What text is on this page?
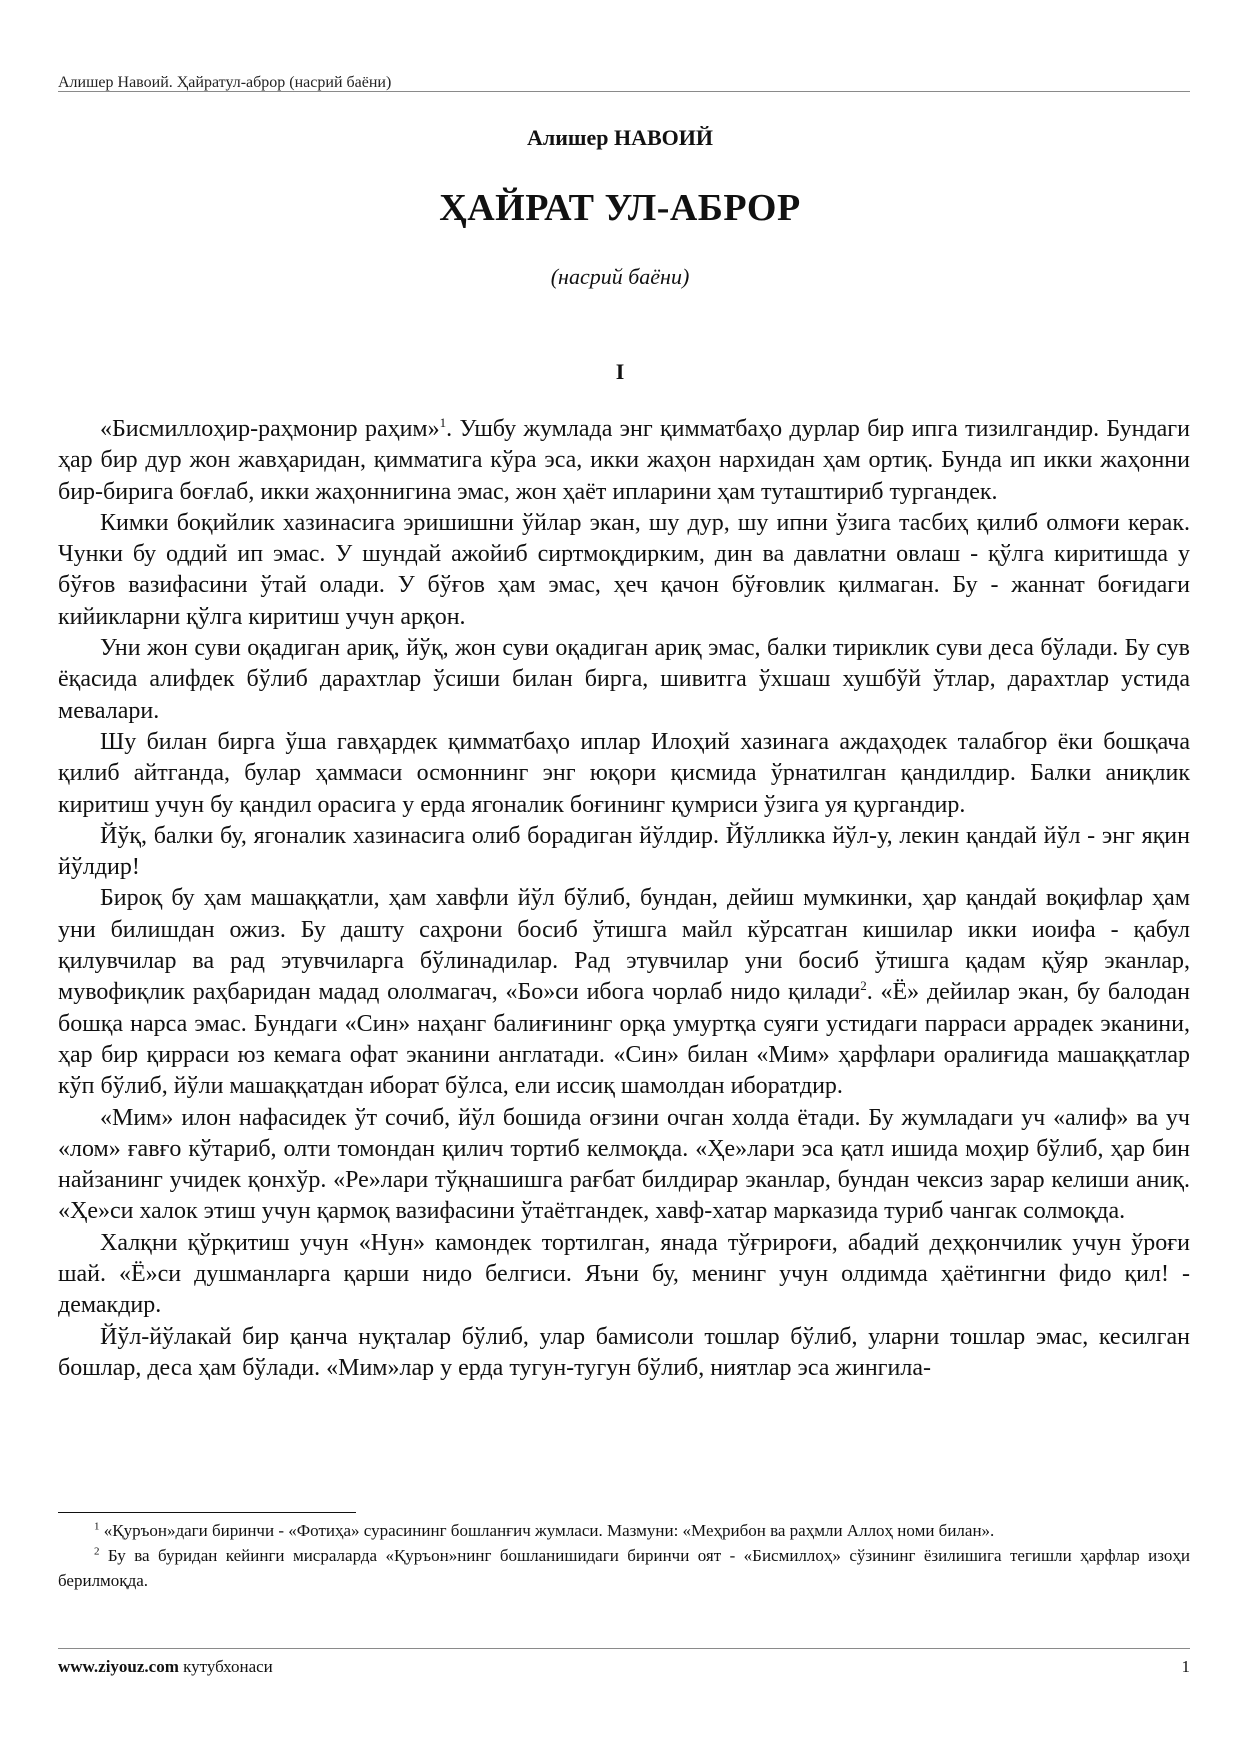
Алишер Навоий. Ҳайратул-аброр (насрий баёни)
Алишер НАВОИЙ
ҲАЙРАТ УЛ-АБРОР
(насрий баёни)
I

«Бисмиллоҳир-раҳмонир раҳим»$^1$. Ушбу жумлада энг қимматбаҳо дурлар бир ипга тизилгандир. Бундаги ҳар бир дур жон жавҳаридан, қимматига кўра эса, икки жаҳон нархидан ҳам ортиқ. Бунда ип икки жаҳонни бир-бирига боғлаб, икки жаҳоннигина эмас, жон ҳаёт ипларини ҳам туташтириб тургандек.

Кимки боқийлик хазинасига эришишни ўйлар экан, шу дур, шу ипни ўзига тасбиҳ қилиб олмоғи керак. Чунки бу оддий ип эмас. У шундай ажойиб сиртмоқдирким, дин ва давлатни овлаш - қўлга киритишда у бўғов вазифасини ўтай олади. У бўғов ҳам эмас, ҳеч қачон бўғовлик қилмаган. Бу - жаннат боғидаги кийикларни қўлга киритиш учун арқон.

Уни жон суви оқадиган ариқ, йўқ, жон суви оқадиган ариқ эмас, балки тириклик суви деса бўлади. Бу сув ёқасида алифдек бўлиб дарахтлар ўсиши билан бирга, шивитга ўхшаш хушбўй ўтлар, дарахтлар устида мевалари.

Шу билан бирга ўша гавҳардек қимматбаҳо иплар Илоҳий хазинага аждаҳодек талабгор ёки бошқача қилиб айтганда, булар ҳаммаси осмоннинг энг юқори қисмида ўрнатилган қандилдир. Балки аниқлик киритиш учун бу қандил орасига у ерда ягоналик боғининг қумриси ўзига уя қургандир.

Йўқ, балки бу, ягоналик хазинасига олиб борадиган йўлдир. Йўлликка йўл-у, лекин қандай йўл - энг яқин йўлдир!

Бироқ бу ҳам машаққатли, ҳам хавфли йўл бўлиб, бундан, дейиш мумкинки, ҳар қандай воқифлар ҳам уни билишдан ожиз. Бу дашту саҳрони босиб ўтишга майл кўрсатган кишилар икки иоифа - қабул қилувчилар ва рад этувчиларга бўлинадилар. Рад этувчилар уни босиб ўтишга қадам қўяр эканлар, мувофиқлик раҳбаридан мадад ололмагач, «Бо»си ибога чорлаб нидо қилади$^2$. «Ё» дейилар экан, бу балодан бошқа нарса эмас. Бундаги «Син» наҳанг балиғининг орқа умуртқа суяги устидаги парраси аррадек эканини, ҳар бир қирраси юз кемага офат эканини англатади. «Син» билан «Мим» ҳарфлари оралиғида машаққатлар кўп бўлиб, йўли машаққатдан иборат бўлса, ели иссиқ шамолдан иборатдир.

«Мим» илон нафасидек ўт сочиб, йўл бошида оғзини очган холда ётади. Бу жумладаги уч «алиф» ва уч «лом» ғавғо кўтариб, олти томондан қилич тортиб келмоқда. «Ҳе»лари эса қатл ишида моҳир бўлиб, ҳар бин найзанинг учидек қонхўр. «Ре»лари тўқнашишга рағбат билдирар эканлар, бундан чексиз зарар келиши аниқ. «Ҳе»си халок этиш учун қармоқ вазифасини ўтаётгандек, хавф-хатар марказида туриб чангак солмоқда.

Халқни қўрқитиш учун «Нун» камондек тортилган, янада тўғрироғи, абадий деҳқончилик учун ўроғи шай. «Ё»си душманларга қарши нидо белгиси. Яъни бу, менинг учун олдимда ҳаётингни фидо қил! - демакдир.

Йўл-йўлакай бир қанча нуқталар бўлиб, улар бамисоли тошлар бўлиб, уларни тошлар эмас, кесилган бошлар, деса ҳам бўлади. «Мим»лар у ерда тугун-тугун бўлиб, ниятлар эса жингила-

$^1$ «Қуръон»даги биринчи - «Фотиҳа» сурасининг бошланғич жумласи. Мазмуни: «Меҳрибон ва раҳмли Аллоҳ номи билан».

$^2$ Бу ва буридан кейинги мисраларда «Қуръон»нинг бошланишидаги биринчи оят - «Бисмиллоҳ» сўзининг ёзилишига тегишли ҳарфлар изоҳи берилмоқда.

www.ziyouz.com кутубхонаси	1
